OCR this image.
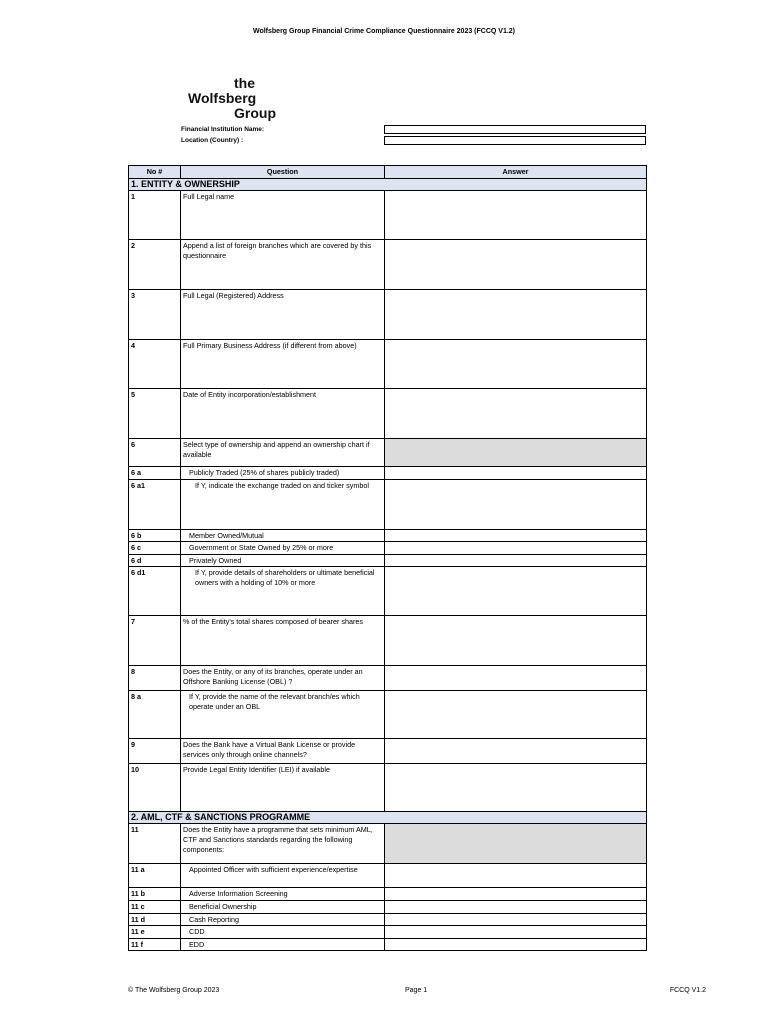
Wolfsberg Group Financial Crime Compliance Questionnaire 2023 (FCCQ V1.2)
the
Wolfsberg
Group
Financial Institution Name:
Location (Country) :
No #	Question	Answer
1. ENTITY & OWNERSHIP		
1	Full Legal name	
2	Append a list of foreign branches which are covered by this questionnaire	
3	Full Legal (Registered) Address	
4	Full Primary Business Address (if different from above)	
5	Date of Entity incorporation/establishment	
6	Select type of ownership and append an ownership chart if available	
6 a	Publicly Traded (25% of shares publicly traded)	

6 a1	If Y, indicate the exchange traded on and ticker symbol	

6 b	Member Owned/Mutual	

6 c	Government or State Owned by 25% or more	

6 d	Privately Owned	

6 d1	If Y, provide details of shareholders or ultimate beneficial owners with a holding of 10% or more	

7	% of the Entity's total shares composed of bearer shares	
8	Does the Entity, or any of its branches, operate under an Offshore Banking License (OBL) ?	
8 a	If Y, provide the name of the relevant branch/es which operate under an OBL	

9	Does the Bank have a Virtual Bank License or provide services only through online channels?	
10	Provide Legal Entity Identifier (LEI) if available	
2. AML, CTF & SANCTIONS PROGRAMME		
11	Does the Entity have a programme that sets minimum AML, CTF and Sanctions standards regarding the following components:	
11 a	Appointed Officer with sufficient experience/expertise	

11 b	Adverse Information Screening	

11 c	Beneficial Ownership	

11 d	Cash Reporting	

11 e	CDD	

11 f	EDD	

© The Wolfsberg Group 2023	Page 1	FCCQ V1.2
